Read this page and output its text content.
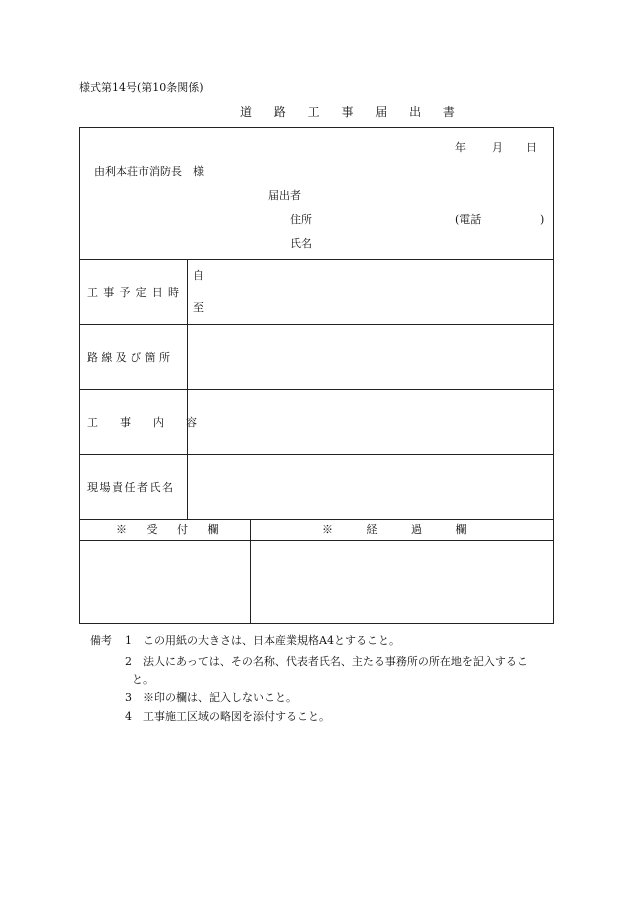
様式第14号(第10条関係)
道 路 工 事 届 出 書
年 月 日
由利本荘市消防長　様
届出者
住所	(電話	)
氏名
工事予定日時
自
至
路線及び箇所
工事内容
現場責任者氏名
※ 受 付 欄	※ 経 過 欄
備考 1 この用紙の大きさは、日本産業規格A4とすること。
2 法人にあっては、その名称、代表者氏名、主たる事務所の所在地を記入するこ
と。
3 ※印の欄は、記入しないこと。
4 工事施工区域の略図を添付すること。
